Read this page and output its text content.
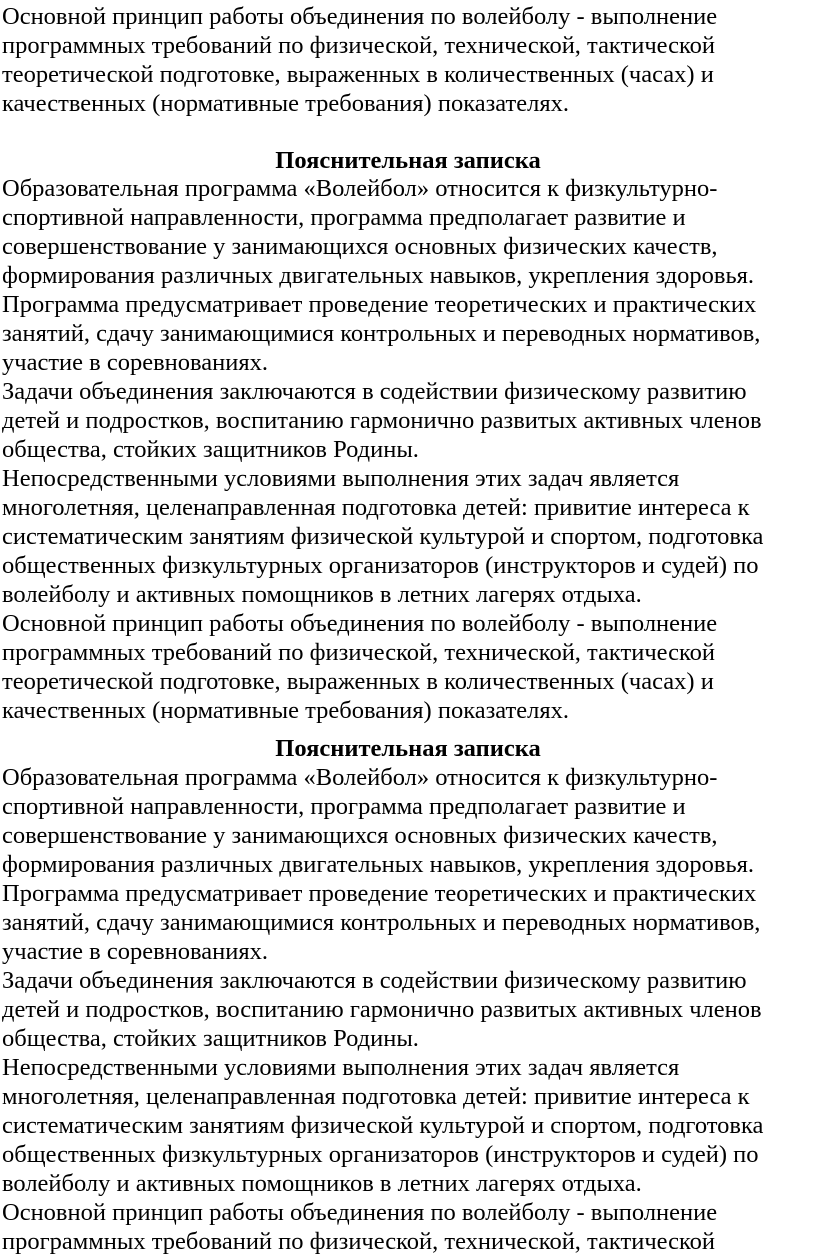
Основной принцип работы объединения по волейболу - выполнение
программных требований по физической, технической, тактической
теоретической подготовке, выраженных в количественных (часах) и
качественных (нормативные требования) показателях.
Пояснительная записка
Образовательная программа «Волейбол» относится к физкультурно-
спортивной направленности, программа предполагает развитие и
совершенствование у занимающихся основных физических качеств,
формирования различных двигательных навыков, укрепления здоровья.
Программа предусматривает проведение теоретических и практических
занятий, сдачу занимающимися контрольных и переводных нормативов,
участие в соревнованиях.
Задачи объединения заключаются в содействии физическому развитию
детей и подростков, воспитанию гармонично развитых активных членов
общества, стойких защитников Родины.
Непосредственными условиями выполнения этих задач является
многолетняя, целенаправленная подготовка детей: привитие интереса к
систематическим занятиям физической культурой и спортом, подготовка
общественных физкультурных организаторов (инструкторов и судей) по
волейболу и активных помощников в летних лагерях отдыха.
Основной принцип работы объединения по волейболу - выполнение
программных требований по физической, технической, тактической
теоретической подготовке, выраженных в количественных (часах) и
качественных (нормативные требования) показателях.
Пояснительная записка
Образовательная программа «Волейбол» относится к физкультурно-
спортивной направленности, программа предполагает развитие и
совершенствование у занимающихся основных физических качеств,
формирования различных двигательных навыков, укрепления здоровья.
Программа предусматривает проведение теоретических и практических
занятий, сдачу занимающимися контрольных и переводных нормативов,
участие в соревнованиях.
Задачи объединения заключаются в содействии физическому развитию
детей и подростков, воспитанию гармонично развитых активных членов
общества, стойких защитников Родины.
Непосредственными условиями выполнения этих задач является
многолетняя, целенаправленная подготовка детей: привитие интереса к
систематическим занятиям физической культурой и спортом, подготовка
общественных физкультурных организаторов (инструкторов и судей) по
волейболу и активных помощников в летних лагерях отдыха.
Основной принцип работы объединения по волейболу - выполнение
программных требований по физической, технической, тактической
